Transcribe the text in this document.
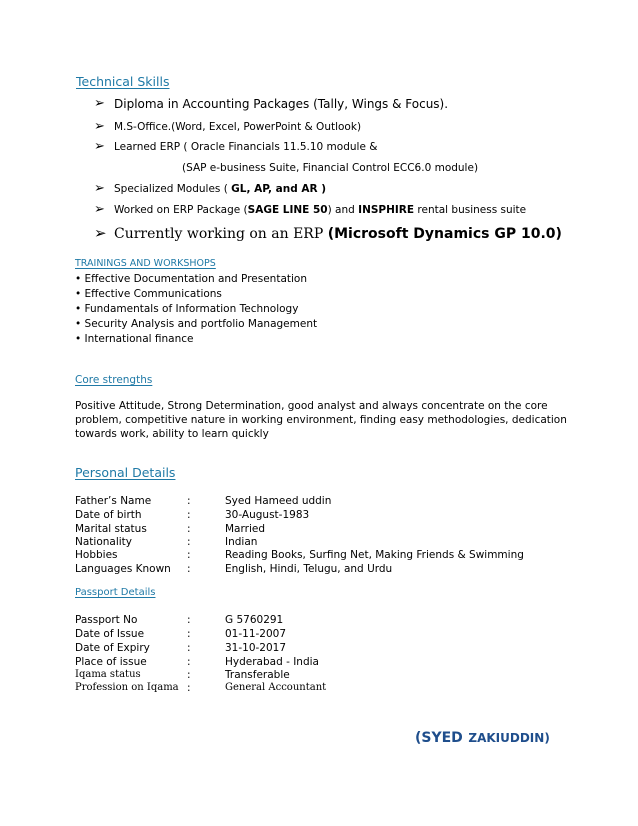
Technical Skills
➢ Diploma in Accounting Packages (Tally, Wings & Focus).
➢ M.S-Office.(Word, Excel, PowerPoint & Outlook)
➢ Learned ERP ( Oracle Financials 11.5.10 module &
(SAP e-business Suite, Financial Control ECC6.0 module)
➢ Specialized Modules ( GL, AP, and AR )
➢ Worked on ERP Package (SAGE LINE 50) and INSPHIRE rental business suite
➢ Currently working on an ERP (Microsoft Dynamics GP 10.0)
TRAININGS AND WORKSHOPS
• Effective Documentation and Presentation
• Effective Communications
• Fundamentals of Information Technology
• Security Analysis and portfolio Management
• International finance
Core strengths
Positive Attitude, Strong Determination, good analyst and always concentrate on the core
problem, competitive nature in working environment, finding easy methodologies, dedication
towards work, ability to learn quickly
Personal Details
Father’s Name	:	Syed Hameed uddin
Date of birth	:	30-August-1983
Marital status	:	Married
Nationality	:	Indian
Hobbies	:	Reading Books, Surfing Net, Making Friends & Swimming
Languages Known :	English, Hindi, Telugu, and Urdu
Passport Details
Passport No	:	G 5760291
Date of Issue	:	01-11-2007
Date of Expiry	:	31-10-2017
Place of issue	:	Hyderabad - India
Iqama status	:	Transferable
Profession on Iqama :	General Accountant
(SYED ZAKIUDDIN)
